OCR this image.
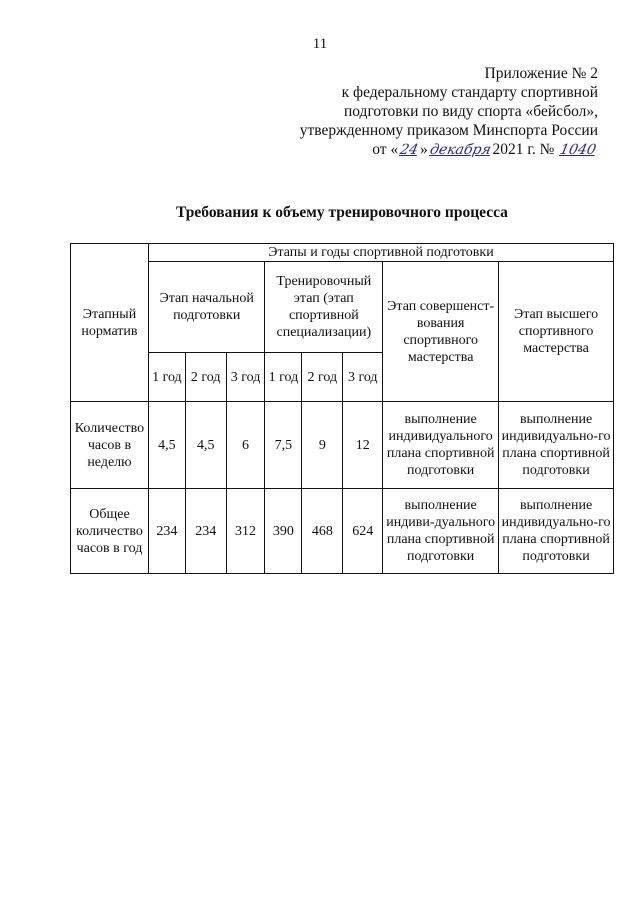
11
Приложение № 2
к федеральному стандарту спортивной
подготовки по виду спорта «бейсбол»,
утвержденному приказом Минспорта России
от «24»декабря2021 г. № 1040
Требования к объему тренировочного процесса
Этапный норматив	Этапы и годы спортивной подготовки							
	Этап начальной подготовки			Тренировочный этап (этап спортивной специализации)			Этап совершенст-вования спортивного мастерства	Этап высшего спортивного мастерства
	1 год	2 год	3 год	1 год	2 год	3 год		
Количество часов в неделю	4,5	4,5	6	7,5	9	12	выполнение индивидуального плана спортивной подготовки	выполнение индивидуально-го плана спортивной подготовки
Общее количество часов в год	234	234	312	390	468	624	выполнение индиви-дуального плана спортивной подготовки	выполнение индивидуально-го плана спортивной подготовки
